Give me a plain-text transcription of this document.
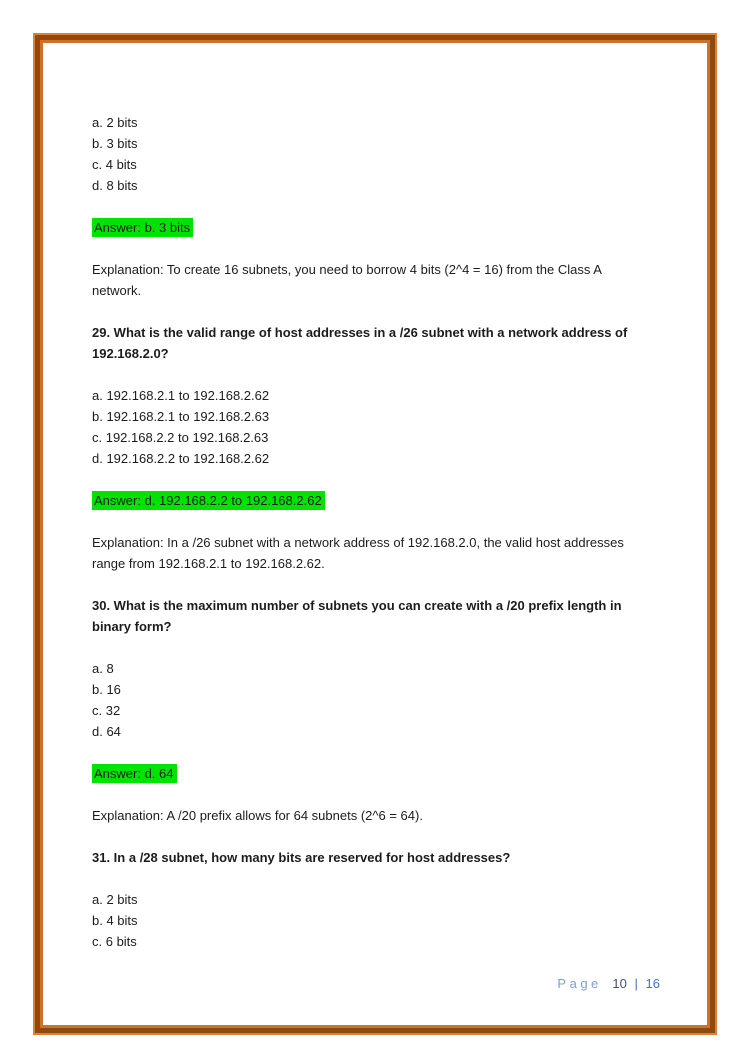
a. 2 bits
b. 3 bits
c. 4 bits
d. 8 bits
Answer: b. 3 bits
Explanation: To create 16 subnets, you need to borrow 4 bits (2^4 = 16) from the Class A
network.
29. What is the valid range of host addresses in a /26 subnet with a network address of
192.168.2.0?
a. 192.168.2.1 to 192.168.2.62
b. 192.168.2.1 to 192.168.2.63
c. 192.168.2.2 to 192.168.2.63
d. 192.168.2.2 to 192.168.2.62
Answer: d. 192.168.2.2 to 192.168.2.62
Explanation: In a /26 subnet with a network address of 192.168.2.0, the valid host addresses
range from 192.168.2.1 to 192.168.2.62.
30. What is the maximum number of subnets you can create with a /20 prefix length in
binary form?
a. 8
b. 16
c. 32
d. 64
Answer: d. 64
Explanation: A /20 prefix allows for 64 subnets (2^6 = 64).
31. In a /28 subnet, how many bits are reserved for host addresses?
a. 2 bits
b. 4 bits
c. 6 bits
Page 10 | 16
